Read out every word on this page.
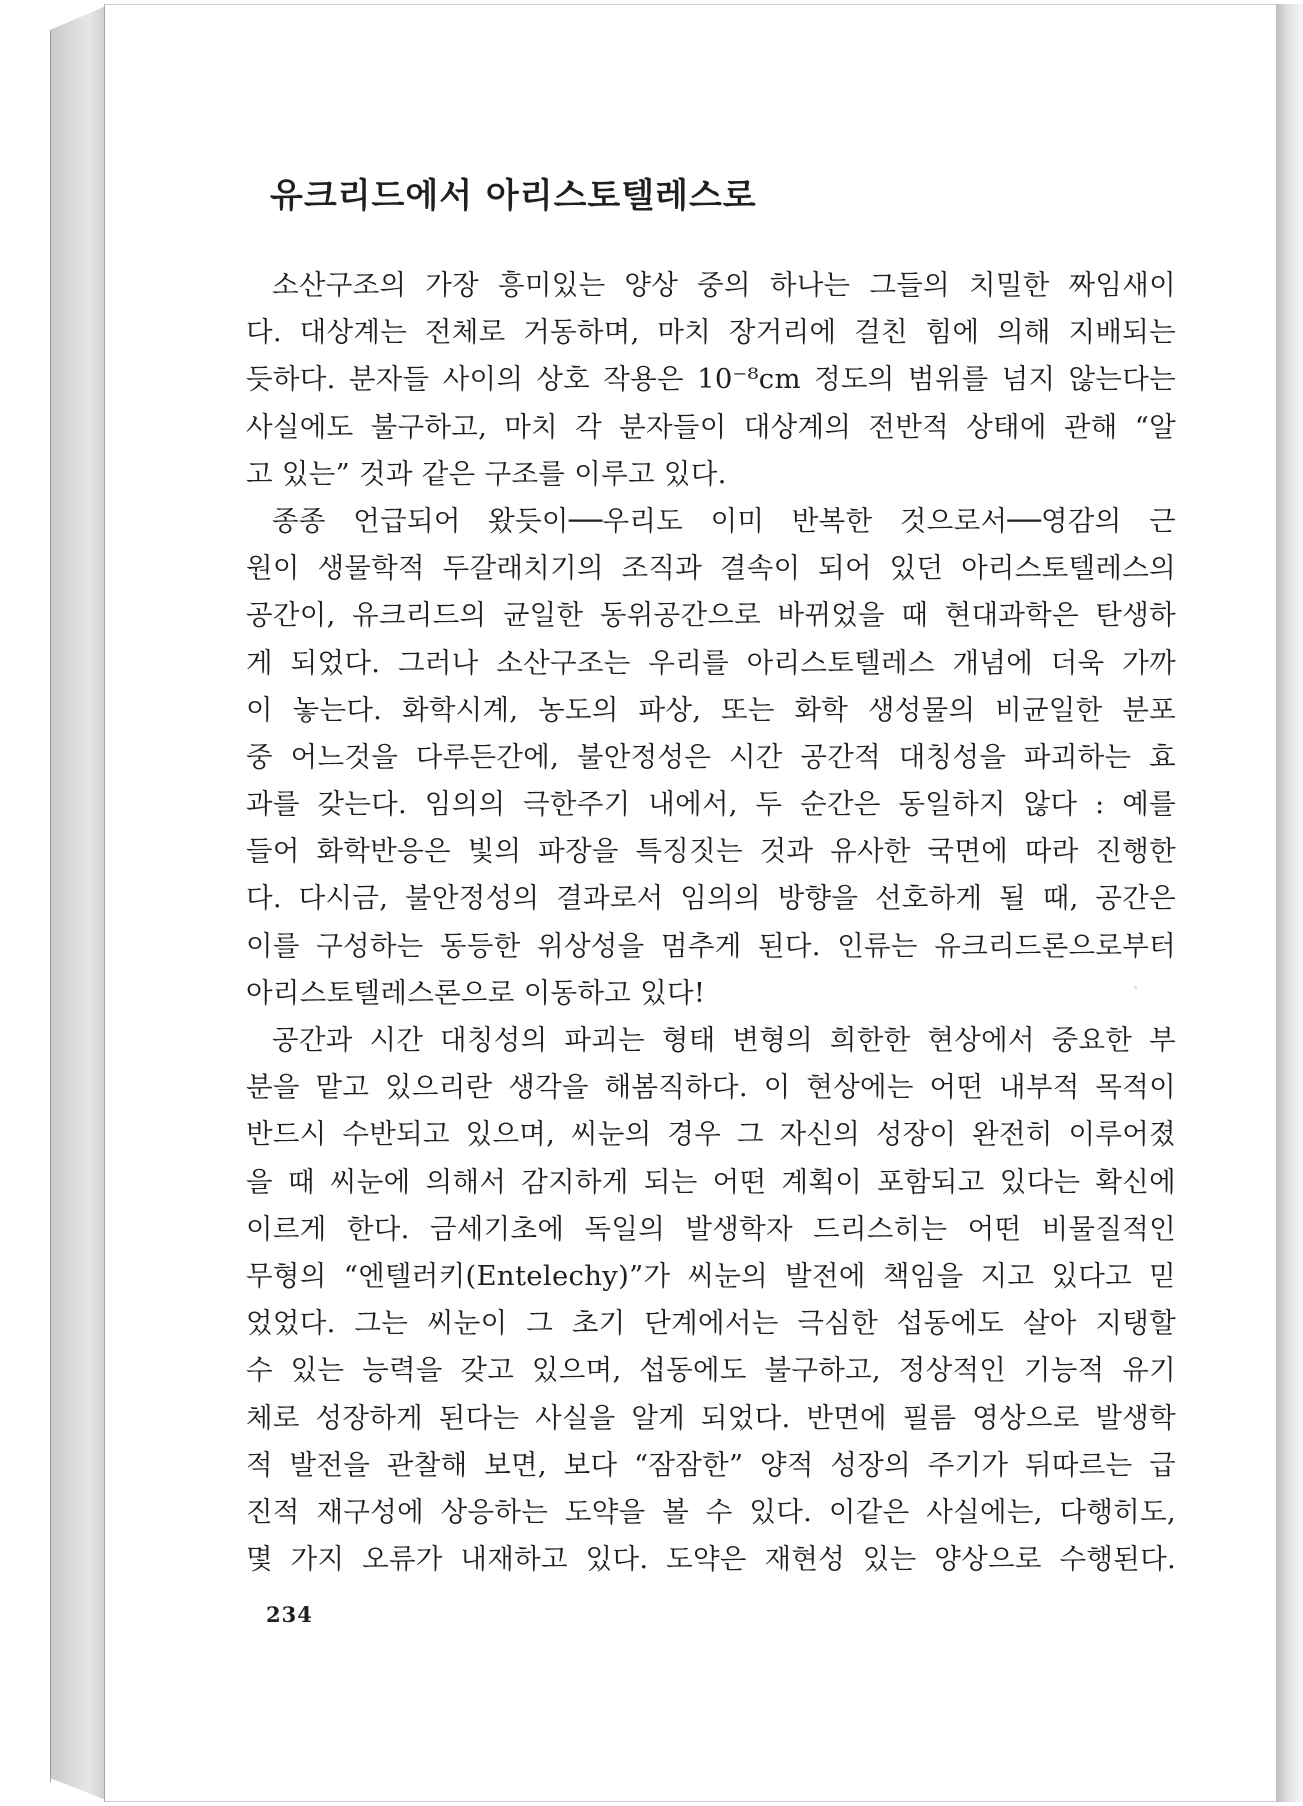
유크리드에서 아리스토텔레스로
소산구조의 가장 흥미있는 양상 중의 하나는 그들의 치밀한 짜임새이
다. 대상계는 전체로 거동하며, 마치 장거리에 걸친 힘에 의해 지배되는
듯하다. 분자들 사이의 상호 작용은 10⁻⁸cm 정도의 범위를 넘지 않는다는
사실에도 불구하고, 마치 각 분자들이 대상계의 전반적 상태에 관해 “알
고 있는” 것과 같은 구조를 이루고 있다.
종종 언급되어 왔듯이──우리도 이미 반복한 것으로서──영감의 근
원이 생물학적 두갈래치기의 조직과 결속이 되어 있던 아리스토텔레스의
공간이, 유크리드의 균일한 동위공간으로 바뀌었을 때 현대과학은 탄생하
게 되었다. 그러나 소산구조는 우리를 아리스토텔레스 개념에 더욱 가까
이 놓는다. 화학시계, 농도의 파상, 또는 화학 생성물의 비균일한 분포
중 어느것을 다루든간에, 불안정성은 시간 공간적 대칭성을 파괴하는 효
과를 갖는다. 임의의 극한주기 내에서, 두 순간은 동일하지 않다 : 예를
들어 화학반응은 빛의 파장을 특징짓는 것과 유사한 국면에 따라 진행한
다. 다시금, 불안정성의 결과로서 임의의 방향을 선호하게 될 때, 공간은
이를 구성하는 동등한 위상성을 멈추게 된다. 인류는 유크리드론으로부터
아리스토텔레스론으로 이동하고 있다!
공간과 시간 대칭성의 파괴는 형태 변형의 희한한 현상에서 중요한 부
분을 맡고 있으리란 생각을 해봄직하다. 이 현상에는 어떤 내부적 목적이
반드시 수반되고 있으며, 씨눈의 경우 그 자신의 성장이 완전히 이루어졌
을 때 씨눈에 의해서 감지하게 되는 어떤 계획이 포함되고 있다는 확신에
이르게 한다. 금세기초에 독일의 발생학자 드리스히는 어떤 비물질적인
무형의 “엔텔러키(Entelechy)”가 씨눈의 발전에 책임을 지고 있다고 믿
었었다. 그는 씨눈이 그 초기 단계에서는 극심한 섭동에도 살아 지탱할
수 있는 능력을 갖고 있으며, 섭동에도 불구하고, 정상적인 기능적 유기
체로 성장하게 된다는 사실을 알게 되었다. 반면에 필름 영상으로 발생학
적 발전을 관찰해 보면, 보다 “잠잠한” 양적 성장의 주기가 뒤따르는 급
진적 재구성에 상응하는 도약을 볼 수 있다. 이같은 사실에는, 다행히도,
몇 가지 오류가 내재하고 있다. 도약은 재현성 있는 양상으로 수행된다.
234
